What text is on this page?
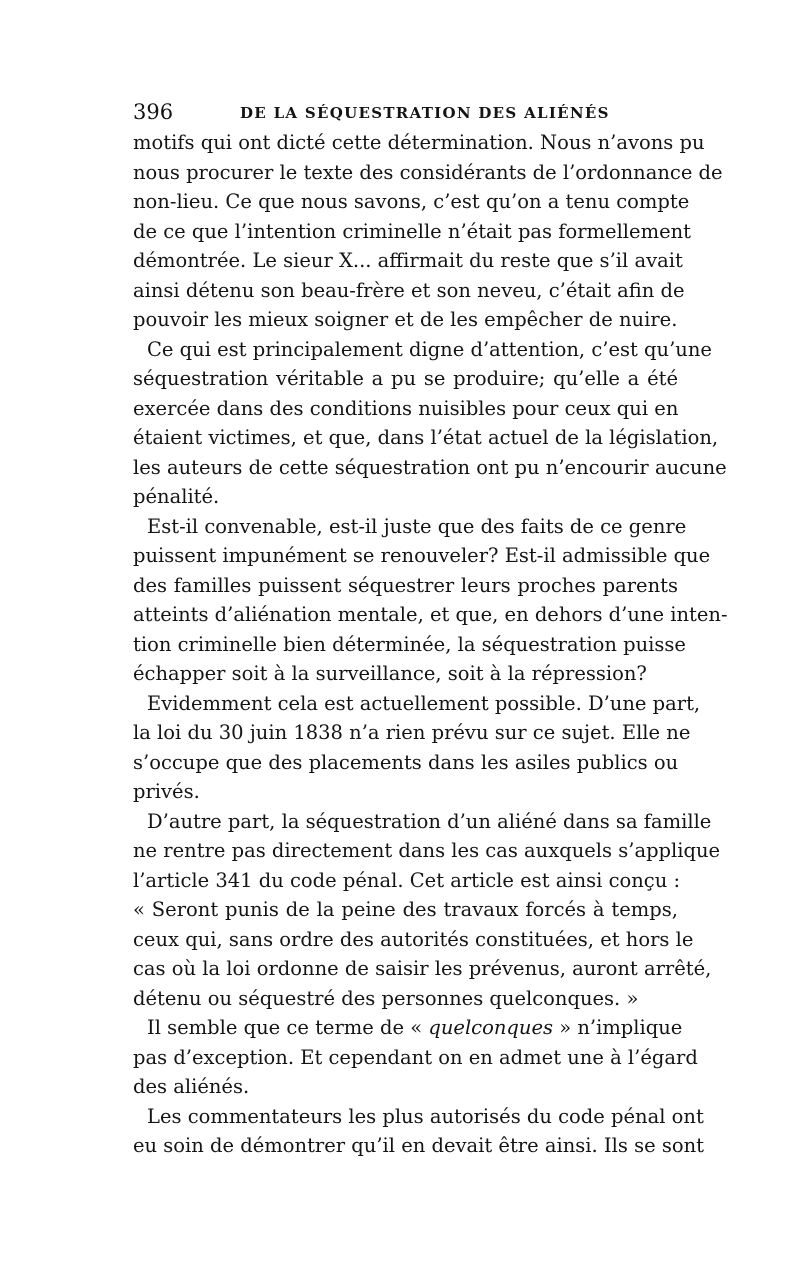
396	DE LA SÉQUESTRATION DES ALIÉNÉS

motifs qui ont dicté cette détermination. Nous n’avons pu
nous procurer le texte des considérants de l’ordonnance de
non-lieu. Ce que nous savons, c’est qu’on a tenu compte
de ce que l’intention criminelle n’était pas formellement
démontrée. Le sieur X... affirmait du reste que s’il avait
ainsi détenu son beau-frère et son neveu, c’était afin de
pouvoir les mieux soigner et de les empêcher de nuire.

Ce qui est principalement digne d’attention, c’est qu’une
séquestration véritable a pu se produire; qu’elle a été
exercée dans des conditions nuisibles pour ceux qui en
étaient victimes, et que, dans l’état actuel de la législation,
les auteurs de cette séquestration ont pu n’encourir aucune
pénalité.

Est-il convenable, est-il juste que des faits de ce genre
puissent impunément se renouveler? Est-il admissible que
des familles puissent séquestrer leurs proches parents
atteints d’aliénation mentale, et que, en dehors d’une inten-
tion criminelle bien déterminée, la séquestration puisse
échapper soit à la surveillance, soit à la répression?

Evidemment cela est actuellement possible. D’une part,
la loi du 30 juin 1838 n’a rien prévu sur ce sujet. Elle ne
s’occupe que des placements dans les asiles publics ou
privés.

D’autre part, la séquestration d’un aliéné dans sa famille
ne rentre pas directement dans les cas auxquels s’applique
l’article 341 du code pénal. Cet article est ainsi conçu :
« Seront punis de la peine des travaux forcés à temps,
ceux qui, sans ordre des autorités constituées, et hors le
cas où la loi ordonne de saisir les prévenus, auront arrêté,
détenu ou séquestré des personnes quelconques. »

Il semble que ce terme de « quelconques » n’implique
pas d’exception. Et cependant on en admet une à l’égard
des aliénés.

Les commentateurs les plus autorisés du code pénal ont
eu soin de démontrer qu’il en devait être ainsi. Ils se sont
